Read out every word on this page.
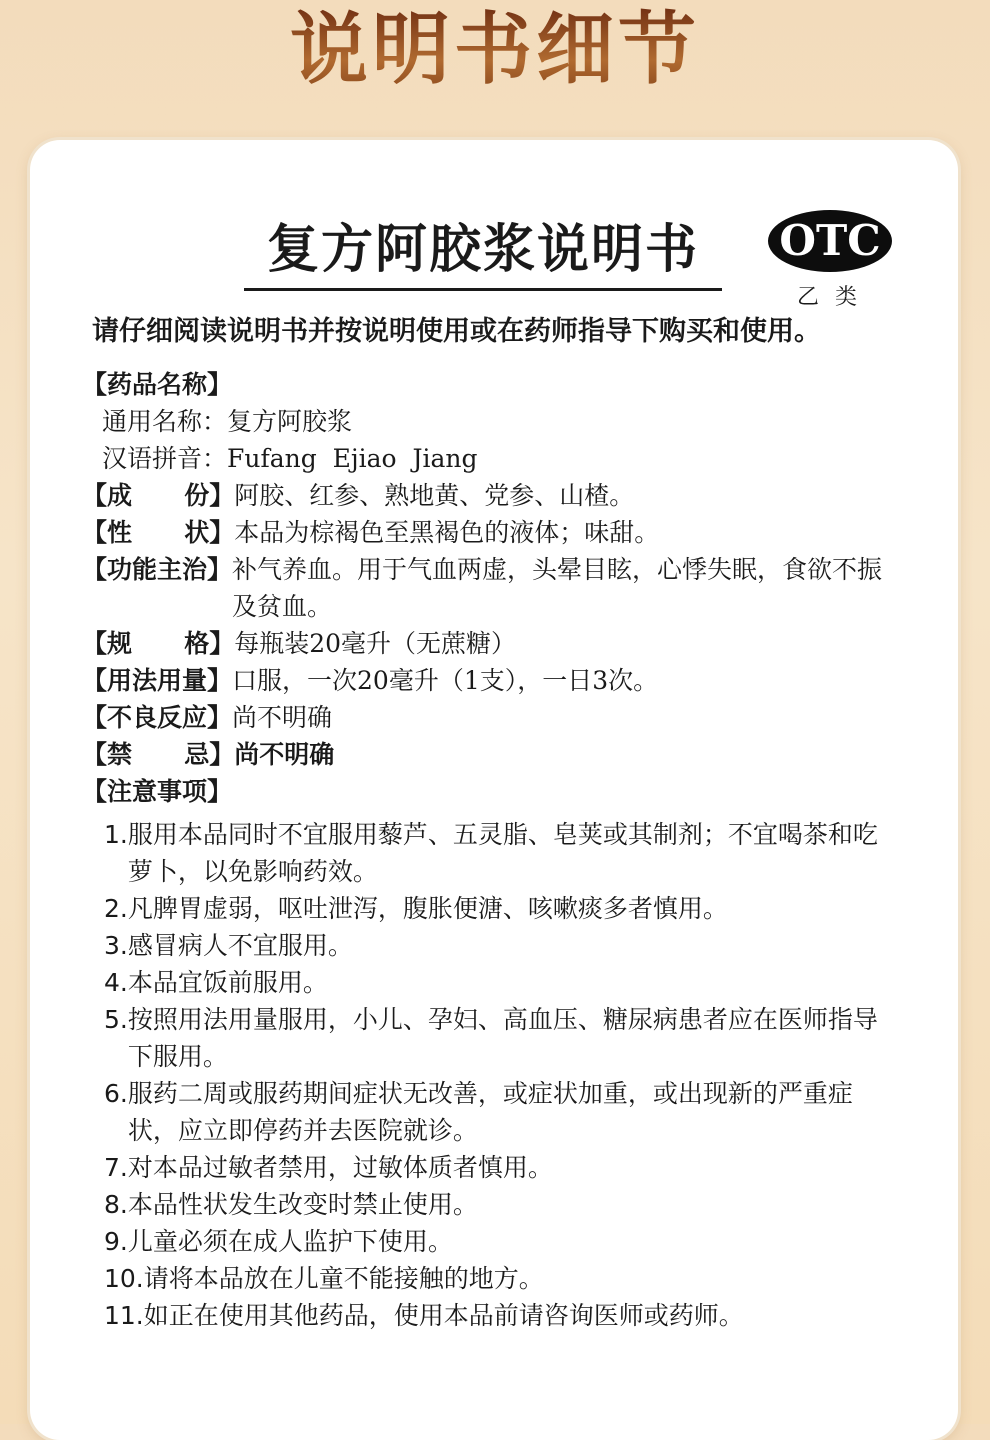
说明书细节
复方阿胶浆说明书	OTC
乙类
请仔细阅读说明书并按说明使用或在药师指导下购买和使用。
【药品名称】
通用名称： 复方阿胶浆
汉语拼音： Fufang  Ejiao  Jiang
【成      份】 阿胶、红参、熟地黄、党参、山楂。
【性      状】 本品为棕褐色至黑褐色的液体；味甜。
【功能主治】 补气养血。用于气血两虚，头晕目眩，心悸失眠，食欲不振及贫血。
【规      格】 每瓶装20毫升（无蔗糖）
【用法用量】 口服，一次20毫升（1支），一日3次。
【不良反应】 尚不明确
【禁      忌】 尚不明确
【注意事项】
1. 服用本品同时不宜服用藜芦、五灵脂、皂荚或其制剂；不宜喝茶和吃萝卜，以免影响药效。
2. 凡脾胃虚弱，呕吐泄泻，腹胀便溏、咳嗽痰多者慎用。
3. 感冒病人不宜服用。
4. 本品宜饭前服用。
5. 按照用法用量服用，小儿、孕妇、高血压、糖尿病患者应在医师指导下服用。
6. 服药二周或服药期间症状无改善，或症状加重，或出现新的严重症状，应立即停药并去医院就诊。
7. 对本品过敏者禁用，过敏体质者慎用。
8. 本品性状发生改变时禁止使用。
9. 儿童必须在成人监护下使用。
10. 请将本品放在儿童不能接触的地方。
11. 如正在使用其他药品，使用本品前请咨询医师或药师。
